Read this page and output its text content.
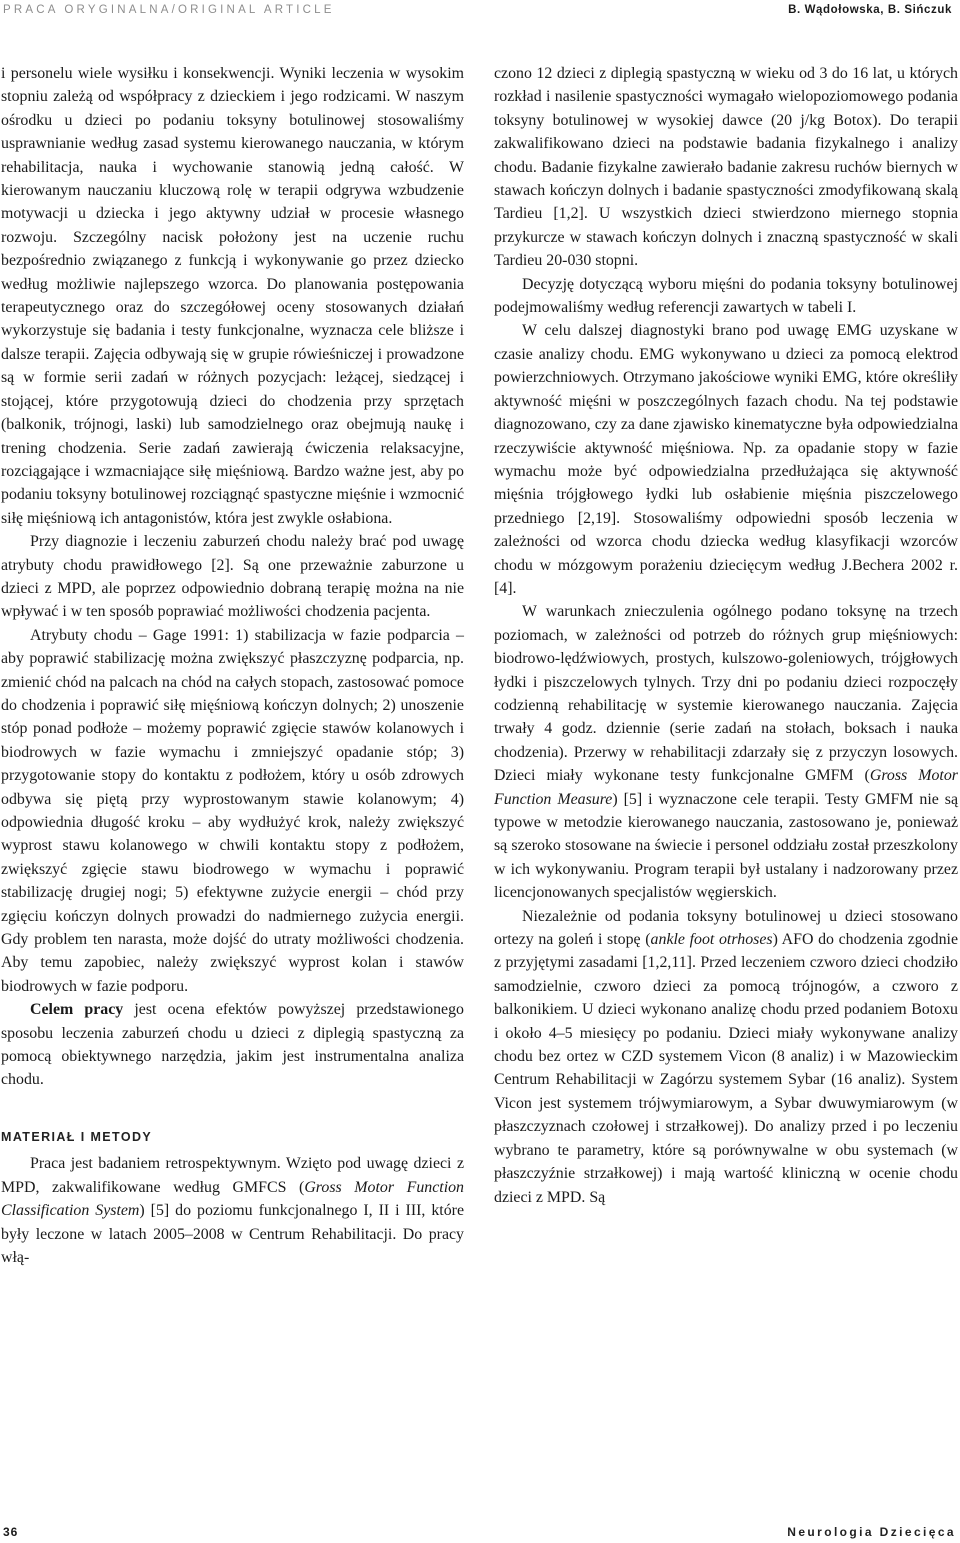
PRACA ORYGINALNA/ORIGINAL ARTICLE	B. Wądołowska, B. Sińczuk

i personelu wiele wysiłku i konsekwencji. Wyniki leczenia w wysokim stopniu zależą od współpracy z dzieckiem i jego rodzicami. W naszym ośrodku u dzieci po podaniu toksyny botulinowej stosowaliśmy usprawnianie według zasad systemu kierowanego nauczania, w którym rehabilitacja, nauka i wychowanie stanowią jedną całość. W kierowanym nauczaniu kluczową rolę w terapii odgrywa wzbudzenie motywacji u dziecka i jego aktywny udział w procesie własnego rozwoju. Szczególny nacisk położony jest na uczenie ruchu bezpośrednio związanego z funkcją i wykonywanie go przez dziecko według możliwie najlepszego wzorca. Do planowania postępowania terapeutycznego oraz do szczegółowej oceny stosowanych działań wykorzystuje się badania i testy funkcjonalne, wyznacza cele bliższe i dalsze terapii. Zajęcia odbywają się w grupie rówieśniczej i prowadzone są w formie serii zadań w różnych pozycjach: leżącej, siedzącej i stojącej, które przygotowują dzieci do chodzenia przy sprzętach (balkonik, trójnogi, laski) lub samodzielnego oraz obejmują naukę i trening chodzenia. Serie zadań zawierają ćwiczenia relaksacyjne, rozciągające i wzmacniające siłę mięśniową. Bardzo ważne jest, aby po podaniu toksyny botulinowej rozciągnąć spastyczne mięśnie i wzmocnić siłę mięśniową ich antagonistów, która jest zwykle osłabiona.

Przy diagnozie i leczeniu zaburzeń chodu należy brać pod uwagę atrybuty chodu prawidłowego [2]. Są one przeważnie zaburzone u dzieci z MPD, ale poprzez odpowiednio dobraną terapię można na nie wpływać i w ten sposób poprawiać możliwości chodzenia pacjenta.

Atrybuty chodu – Gage 1991: 1) stabilizacja w fazie podparcia – aby poprawić stabilizację można zwiększyć płaszczyznę podparcia, np. zmienić chód na palcach na chód na całych stopach, zastosować pomoce do chodzenia i poprawić siłę mięśniową kończyn dolnych; 2) unoszenie stóp ponad podłoże – możemy poprawić zgięcie stawów kolanowych i biodrowych w fazie wymachu i zmniejszyć opadanie stóp; 3) przygotowanie stopy do kontaktu z podłożem, który u osób zdrowych odbywa się piętą przy wyprostowanym stawie kolanowym; 4) odpowiednia długość kroku – aby wydłużyć krok, należy zwiększyć wyprost stawu kolanowego w chwili kontaktu stopy z podłożem, zwiększyć zgięcie stawu biodrowego w wymachu i poprawić stabilizację drugiej nogi; 5) efektywne zużycie energii – chód przy zgięciu kończyn dolnych prowadzi do nadmiernego zużycia energii. Gdy problem ten narasta, może dojść do utraty możliwości chodzenia. Aby temu zapobiec, należy zwiększyć wyprost kolan i stawów biodrowych w fazie podporu.

Celem pracy jest ocena efektów powyższej przedstawionego sposobu leczenia zaburzeń chodu u dzieci z diplegią spastyczną za pomocą obiektywnego narzędzia, jakim jest instrumentalna analiza chodu.

MATERIAŁ I METODY

Praca jest badaniem retrospektywnym. Wzięto pod uwagę dzieci z MPD, zakwalifikowane według GMFCS (Gross Motor Function Classification System) [5] do poziomu funkcjonalnego I, II i III, które były leczone w latach 2005–2008 w Centrum Rehabilitacji. Do pracy włą-

czono 12 dzieci z diplegią spastyczną w wieku od 3 do 16 lat, u których rozkład i nasilenie spastyczności wymagało wielopoziomowego podania toksyny botulinowej w wysokiej dawce (20 j/kg Botox). Do terapii zakwalifikowano dzieci na podstawie badania fizykalnego i analizy chodu. Badanie fizykalne zawierało badanie zakresu ruchów biernych w stawach kończyn dolnych i badanie spastyczności zmodyfikowaną skalą Tardieu [1,2]. U wszystkich dzieci stwierdzono miernego stopnia przykurcze w stawach kończyn dolnych i znaczną spastyczność w skali Tardieu 20-030 stopni.

Decyzję dotyczącą wyboru mięśni do podania toksyny botulinowej podejmowaliśmy według referencji zawartych w tabeli I.

W celu dalszej diagnostyki brano pod uwagę EMG uzyskane w czasie analizy chodu. EMG wykonywano u dzieci za pomocą elektrod powierzchniowych. Otrzymano jakościowe wyniki EMG, które określiły aktywność mięśni w poszczególnych fazach chodu. Na tej podstawie diagnozowano, czy za dane zjawisko kinematyczne była odpowiedzialna rzeczywiście aktywność mięśniowa. Np. za opadanie stopy w fazie wymachu może być odpowiedzialna przedłużająca się aktywność mięśnia trójgłowego łydki lub osłabienie mięśnia piszczelowego przedniego [2,19]. Stosowaliśmy odpowiedni sposób leczenia w zależności od wzorca chodu dziecka według klasyfikacji wzorców chodu w mózgowym porażeniu dziecięcym według J.Bechera 2002 r. [4].

W warunkach znieczulenia ogólnego podano toksynę na trzech poziomach, w zależności od potrzeb do różnych grup mięśniowych: biodrowo-lędźwiowych, prostych, kulszowo-goleniowych, trójgłowych łydki i piszczelowych tylnych. Trzy dni po podaniu dzieci rozpoczęły codzienną rehabilitację w systemie kierowanego nauczania. Zajęcia trwały 4 godz. dziennie (serie zadań na stołach, boksach i nauka chodzenia). Przerwy w rehabilitacji zdarzały się z przyczyn losowych. Dzieci miały wykonane testy funkcjonalne GMFM (Gross Motor Function Measure) [5] i wyznaczone cele terapii. Testy GMFM nie są typowe w metodzie kierowanego nauczania, zastosowano je, ponieważ są szeroko stosowane na świecie i personel oddziału został przeszkolony w ich wykonywaniu. Program terapii był ustalany i nadzorowany przez licencjonowanych specjalistów węgierskich.

Niezależnie od podania toksyny botulinowej u dzieci stosowano ortezy na goleń i stopę (ankle foot otrhoses) AFO do chodzenia zgodnie z przyjętymi zasadami [1,2,11]. Przed leczeniem czworo dzieci chodziło samodzielnie, czworo dzieci za pomocą trójnogów, a czworo z balkonikiem. U dzieci wykonano analizę chodu przed podaniem Botoxu i około 4–5 miesięcy po podaniu. Dzieci miały wykonywane analizy chodu bez ortez w CZD systemem Vicon (8 analiz) i w Mazowieckim Centrum Rehabilitacji w Zagórzu systemem Sybar (16 analiz). System Vicon jest systemem trójwymiarowym, a Sybar dwuwymiarowym (w płaszczyznach czołowej i strzałkowej). Do analizy przed i po leczeniu wybrano te parametry, które są porównywalne w obu systemach (w płaszczyźnie strzałkowej) i mają wartość kliniczną w ocenie chodu dzieci z MPD. Są

36	Neurologia Dziecięca
